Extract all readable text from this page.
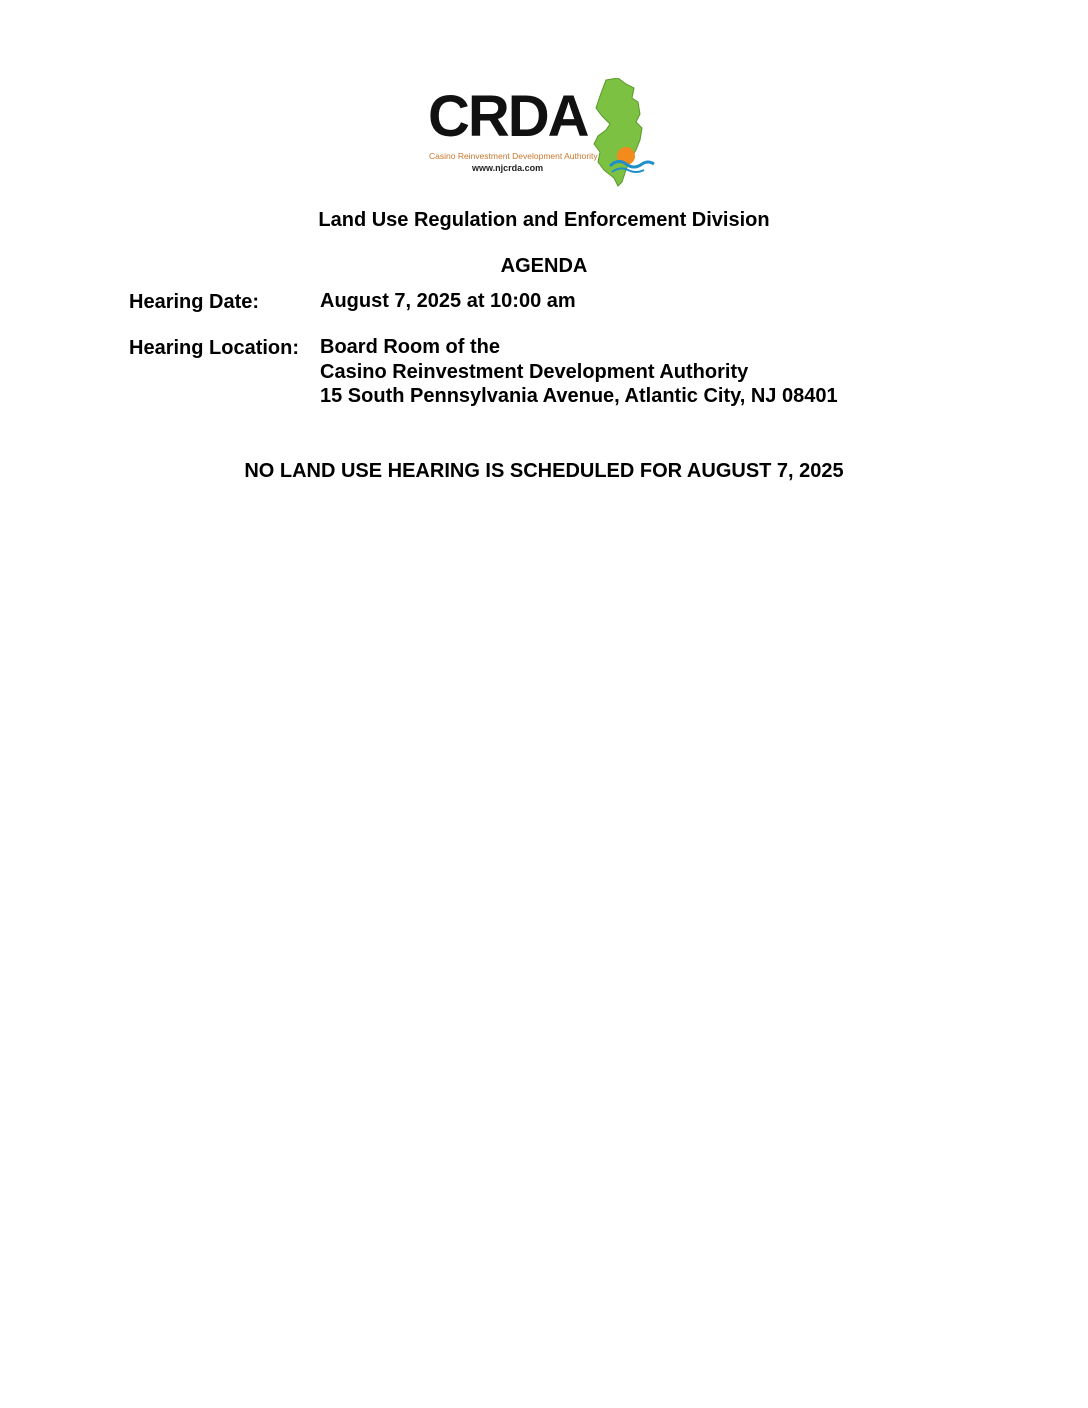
CRDA
Casino Reinvestment Development Authority
www.njcrda.com
Land Use Regulation and Enforcement Division
AGENDA
Hearing Date:	August 7, 2025 at 10:00 am
Hearing Location: Board Room of the
Casino Reinvestment Development Authority
15 South Pennsylvania Avenue, Atlantic City, NJ 08401
NO LAND USE HEARING IS SCHEDULED FOR AUGUST 7, 2025
